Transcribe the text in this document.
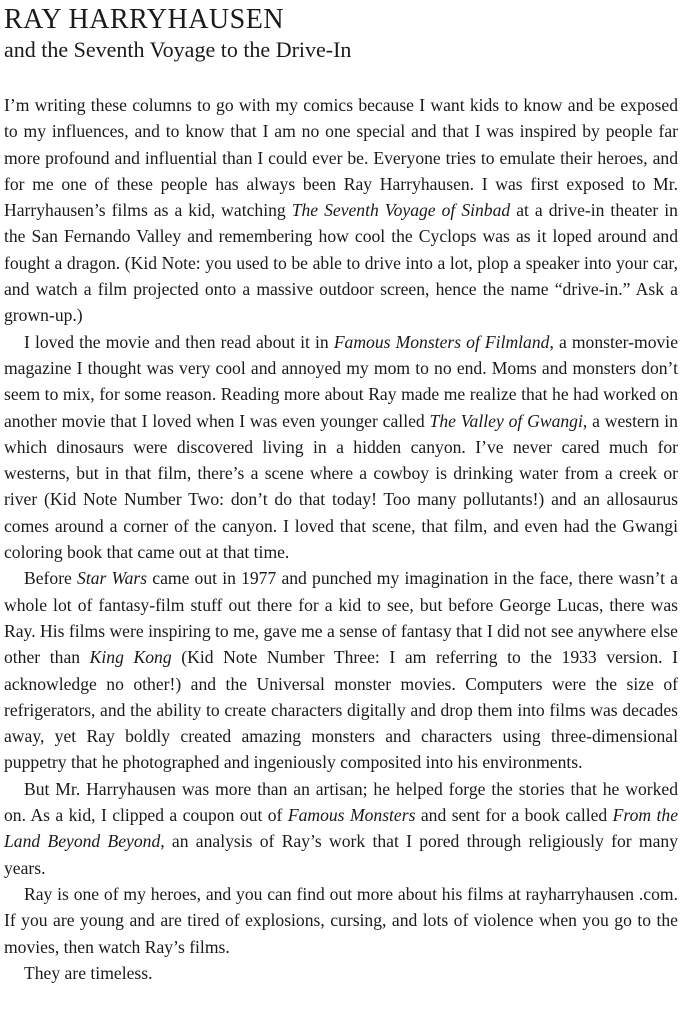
RAY HARRYHAUSEN
and the Seventh Voyage to the Drive-In

I’m writing these columns to go with my comics because I want kids to know and be exposed to my influences, and to know that I am no one special and that I was inspired by people far more profound and influential than I could ever be. Everyone tries to emulate their heroes, and for me one of these people has always been Ray Harryhausen. I was first exposed to Mr. Harryhausen’s films as a kid, watching The Seventh Voyage of Sinbad at a drive-in theater in the San Fernando Valley and remembering how cool the Cyclops was as it loped around and fought a dragon. (Kid Note: you used to be able to drive into a lot, plop a speaker into your car, and watch a film projected onto a massive outdoor screen, hence the name “drive-in.” Ask a grown-up.)

I loved the movie and then read about it in Famous Monsters of Filmland, a monster-movie magazine I thought was very cool and annoyed my mom to no end. Moms and monsters don’t seem to mix, for some reason. Reading more about Ray made me realize that he had worked on another movie that I loved when I was even younger called The Valley of Gwangi, a western in which dinosaurs were discovered living in a hidden canyon. I’ve never cared much for westerns, but in that film, there’s a scene where a cowboy is drinking water from a creek or river (Kid Note Number Two: don’t do that today! Too many pollutants!) and an allosaurus comes around a corner of the canyon. I loved that scene, that film, and even had the Gwangi coloring book that came out at that time.

Before Star Wars came out in 1977 and punched my imagination in the face, there wasn’t a whole lot of fantasy-film stuff out there for a kid to see, but before George Lucas, there was Ray. His films were inspiring to me, gave me a sense of fantasy that I did not see anywhere else other than King Kong (Kid Note Number Three: I am referring to the 1933 version. I acknowledge no other!) and the Universal monster movies. Computers were the size of refrigerators, and the ability to create characters digitally and drop them into films was decades away, yet Ray boldly created amazing monsters and characters using three-dimensional puppetry that he photographed and ingeniously composited into his environments.

But Mr. Harryhausen was more than an artisan; he helped forge the stories that he worked on. As a kid, I clipped a coupon out of Famous Monsters and sent for a book called From the Land Beyond Beyond, an analysis of Ray’s work that I pored through religiously for many years.

Ray is one of my heroes, and you can find out more about his films at rayharryhausen .com. If you are young and are tired of explosions, cursing, and lots of violence when you go to the movies, then watch Ray’s films.

They are timeless.
